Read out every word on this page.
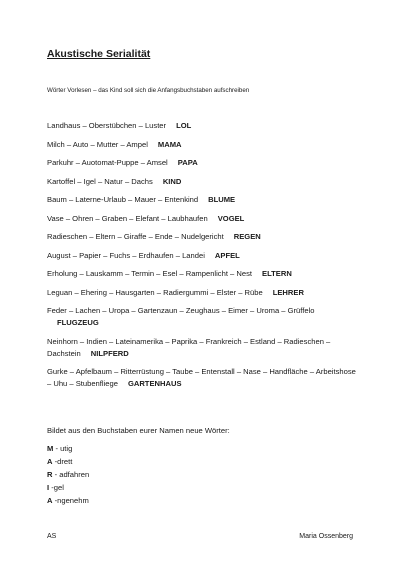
Akustische Serialität
Wörter Vorlesen – das Kind soll sich die Anfangsbuchstaben aufschreiben
Landhaus – Oberstübchen – Luster LOL
Milch – Auto – Mutter – Ampel MAMA
Parkuhr – Auotomat-Puppe – Amsel PAPA
Kartoffel – Igel – Natur – Dachs KIND
Baum – Laterne-Urlaub – Mauer – Entenkind BLUME
Vase – Ohren – Graben – Elefant – Laubhaufen VOGEL
Radieschen – Eltern – Giraffe – Ende – Nudelgericht REGEN
August – Papier – Fuchs – Erdhaufen – Landei APFEL
Erholung – Lauskamm – Termin – Esel – Rampenlicht – Nest ELTERN
Leguan – Ehering – Hausgarten – Radiergummi – Elster – Rübe LEHRER
Feder – Lachen – Uropa – Gartenzaun – Zeughaus – Eimer – Uroma – GrüffeloFLUGZEUG
Neinhorn – Indien – Lateinamerika – Paprika – Frankreich – Estland – Radieschen – Dachstein NILPFERD
Gurke – Apfelbaum – Ritterrüstung – Taube – Entenstall – Nase – Handfläche – Arbeitshose – Uhu – Stubenfliege GARTENHAUS
Bildet aus den Buchstaben eurer Namen neue Wörter:
M - utig
A -drett
R - adfahren
I -gel
A -ngenehm
AS	Maria Ossenberg
